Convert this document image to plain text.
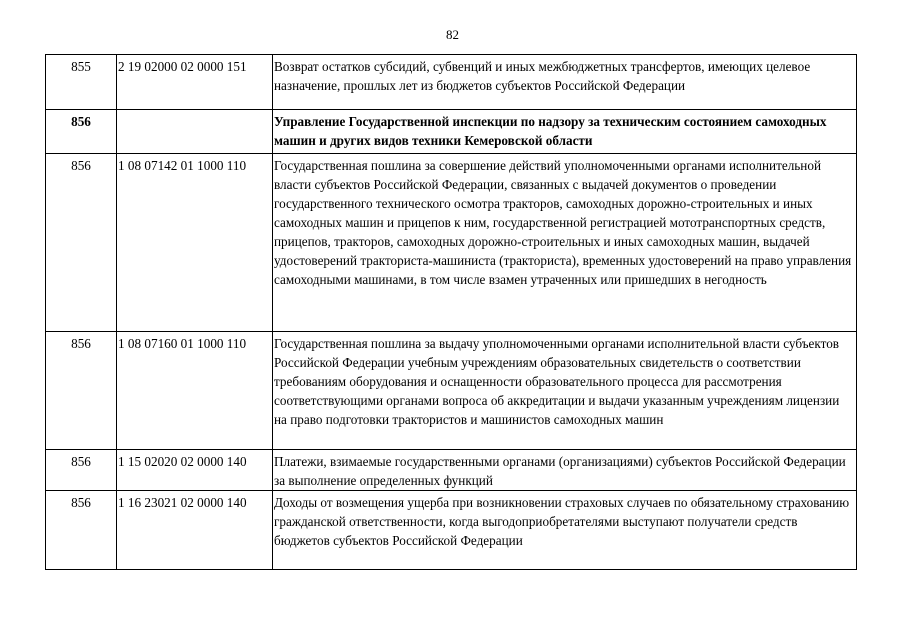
82
855	2 19 02000 02 0000 151	Возврат остатков субсидий, субвенций и иных межбюджетных трансфертов, имеющих целевое назначение, прошлых лет из бюджетов субъектов Российской Федерации
856		Управление Государственной инспекции по надзору за техническим состоянием самоходных машин и других видов техники Кемеровской области
856	1 08 07142 01 1000 110	Государственная пошлина за совершение действий уполномоченными органами исполнительной власти субъектов Российской Федерации, связанных с выдачей документов о проведении государственного технического осмотра тракторов, самоходных дорожно-строительных и иных самоходных машин и прицепов к ним, государственной регистрацией мототранспортных средств, прицепов, тракторов, самоходных дорожно-строительных и иных самоходных машин, выдачей удостоверений тракториста-машиниста (тракториста), временных удостоверений на право управления самоходными машинами, в том числе взамен утраченных или пришедших в негодность
856	1 08 07160 01 1000 110	Государственная пошлина за выдачу уполномоченными органами исполнительной власти субъектов Российской Федерации учебным учреждениям образовательных свидетельств о соответствии требованиям оборудования и оснащенности образовательного процесса для рассмотрения соответствующими органами вопроса об аккредитации и выдачи указанным учреждениям лицензии на право подготовки трактористов и машинистов самоходных машин
856	1 15 02020 02 0000 140	Платежи, взимаемые государственными органами (организациями) субъектов Российской Федерации за выполнение определенных функций
856	1 16 23021 02 0000 140	Доходы от возмещения ущерба при возникновении страховых случаев по обязательному страхованию гражданской ответственности, когда выгодоприобретателями выступают получатели средств бюджетов субъектов Российской Федерации
